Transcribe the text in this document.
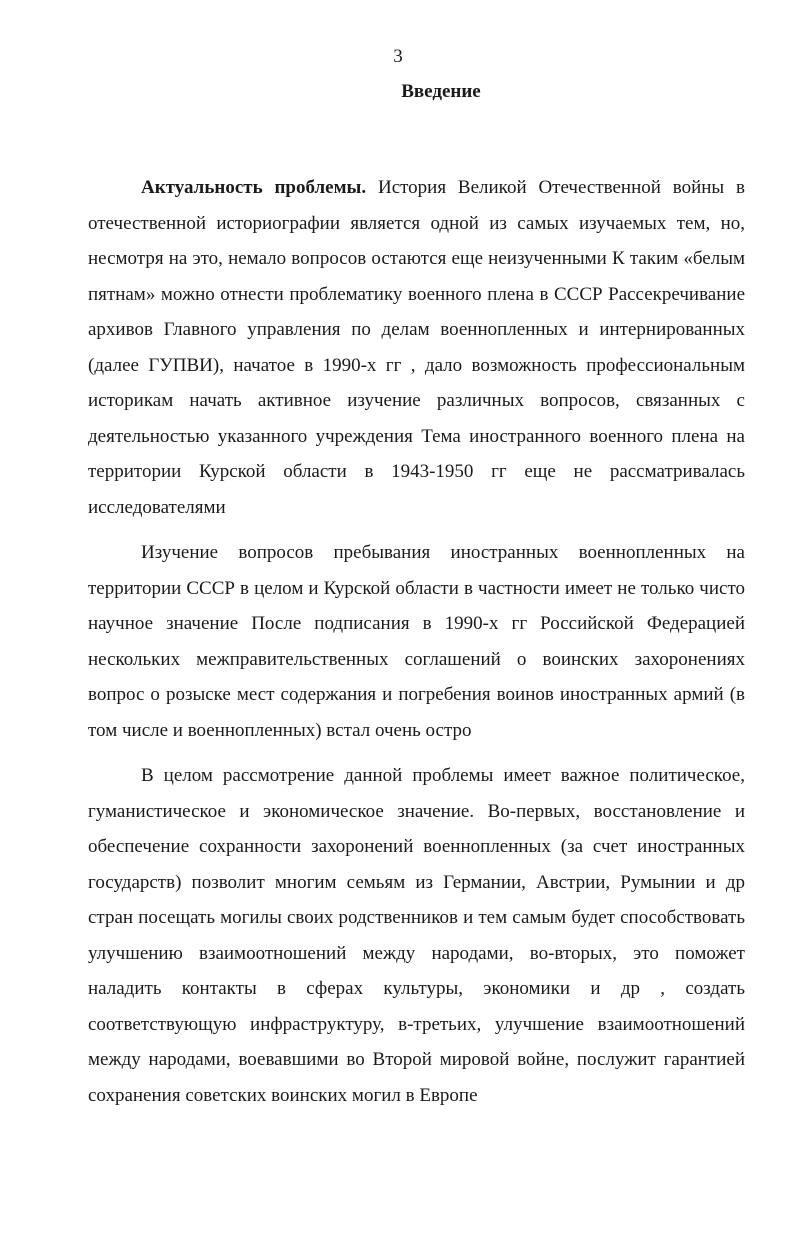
3
Введение

Актуальность проблемы. История Великой Отечественной войны в отечественной историографии является одной из самых изучаемых тем, но, несмотря на это, немало вопросов остаются еще неизученными К таким «белым пятнам» можно отнести проблематику военного плена в СССР Рассекречивание архивов Главного управления по делам военнопленных и интернированных (далее ГУПВИ), начатое в 1990-х гг , дало возможность профессиональным историкам начать активное изучение различных вопросов, связанных с деятельностью указанного учреждения Тема иностранного военного плена на территории Курской области в 1943-1950 гг еще не рассматривалась исследователями

Изучение вопросов пребывания иностранных военнопленных на территории СССР в целом и Курской области в частности имеет не только чисто научное значение После подписания в 1990-х гг Российской Федерацией нескольких межправительственных соглашений о воинских захоронениях вопрос о розыске мест содержания и погребения воинов иностранных армий (в том числе и военнопленных) встал очень остро

В целом рассмотрение данной проблемы имеет важное политическое, гуманистическое и экономическое значение. Во-первых, восстановление и обеспечение сохранности захоронений военнопленных (за счет иностранных государств) позволит многим семьям из Германии, Австрии, Румынии и др стран посещать могилы своих родственников и тем самым будет способствовать улучшению взаимоотношений между народами, во-вторых, это поможет наладить контакты в сферах культуры, экономики и др , создать соответствующую инфраструктуру, в-третьих, улучшение взаимоотношений между народами, воевавшими во Второй мировой войне, послужит гарантией сохранения советских воинских могил в Европе
